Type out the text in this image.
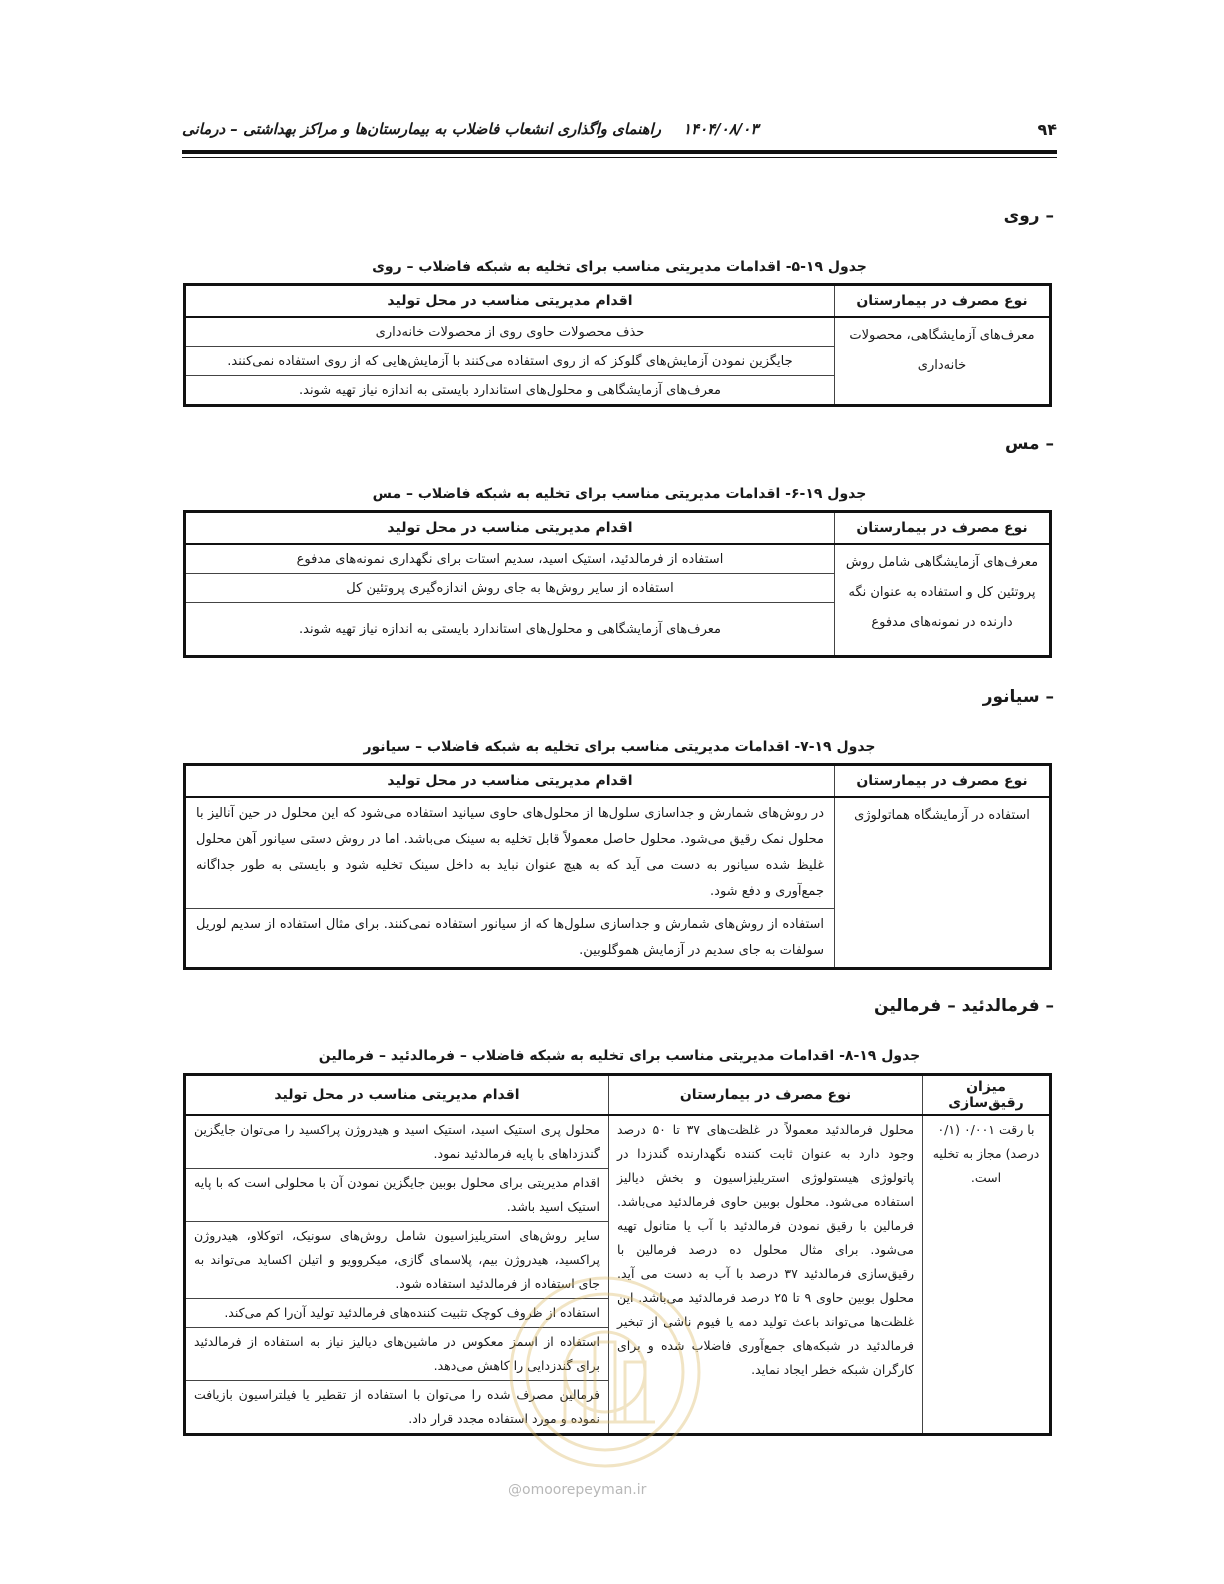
۹۴
۱۴۰۴/۰۸/۰۳راهنمای واگذاری انشعاب فاضلاب به بیمارستان‌ها و مراکز بهداشتی – درمانی
– روی
جدول ۱۹-۵- اقدامات مدیریتی مناسب برای تخلیه به شبکه فاضلاب – روی
نوع مصرف در بیمارستان	اقدام مدیریتی مناسب در محل تولید
معرف‌های آزمایشگاهی، محصولات خانه‌داری	حذف محصولات حاوی روی از محصولات خانه‌داری
	جایگزین نمودن آزمایش‌های گلوکز که از روی استفاده می‌کنند با آزمایش‌هایی که از روی استفاده نمی‌کنند.
	معرف‌های آزمایشگاهی و محلول‌های استاندارد بایستی به اندازه نیاز تهیه شوند.
– مس
جدول ۱۹-۶- اقدامات مدیریتی مناسب برای تخلیه به شبکه فاضلاب – مس
نوع مصرف در بیمارستان	اقدام مدیریتی مناسب در محل تولید
معرف‌های آزمایشگاهی شامل روش پروتئین کل و استفاده به عنوان نگه دارنده در نمونه‌های مدفوع	استفاده از فرمالدئید، استیک اسید، سدیم استات برای نگهداری نمونه‌های مدفوع
	استفاده از سایر روش‌ها به جای روش اندازه‌گیری پروتئین کل
	معرف‌های آزمایشگاهی و محلول‌های استاندارد بایستی به اندازه نیاز تهیه شوند.
– سیانور
جدول ۱۹-۷- اقدامات مدیریتی مناسب برای تخلیه به شبکه فاضلاب – سیانور
نوع مصرف در بیمارستان	اقدام مدیریتی مناسب در محل تولید
استفاده در آزمایشگاه هماتولوژی	در روش‌های شمارش و جداسازی سلول‌ها از محلول‌های حاوی سیانید استفاده می‌شود که این محلول در حین آنالیز با محلول نمک رقیق می‌شود. محلول حاصل معمولاً قابل تخلیه به سینک می‌باشد. اما در روش دستی سیانور آهن محلول غلیظ شده سیانور به دست می آید که به هیچ عنوان نباید به داخل سینک تخلیه شود و بایستی به طور جداگانه جمع‌آوری و دفع شود.
	استفاده از روش‌های شمارش و جداسازی سلول‌ها که از سیانور استفاده نمی‌کنند. برای مثال استفاده از سدیم لوریل سولفات به جای سدیم در آزمایش هموگلوبین.
– فرمالدئید – فرمالین
جدول ۱۹-۸- اقدامات مدیریتی مناسب برای تخلیه به شبکه فاضلاب – فرمالدئید – فرمالین
میزان رقیق‌سازی	نوع مصرف در بیمارستان	اقدام مدیریتی مناسب در محل تولید
با رقت ۰/۰۰۱ (۰/۱ درصد) مجاز به تخلیه است.	محلول فرمالدئید معمولاً در غلظت‌های ۳۷ تا ۵۰ درصد وجود دارد به عنوان ثابت کننده نگهدارنده گندزدا در پاتولوژی هیستولوژی استریلیزاسیون و بخش دیالیز استفاده می‌شود. محلول بوبین حاوی فرمالدئید می‌باشد. فرمالین با رقیق نمودن فرمالدئید با آب یا متانول تهیه می‌شود. برای مثال محلول ده درصد فرمالین با رقیق‌سازی فرمالدئید ۳۷ درصد با آب به دست می آید. محلول بوبین حاوی ۹ تا ۲۵ درصد فرمالدئید می‌باشد. این غلظت‌ها می‌تواند باعث تولید دمه یا فیوم ناشی از تبخیر فرمالدئید در شبکه‌های جمع‌آوری فاضلاب شده و برای کارگران شبکه خطر ایجاد نماید.	محلول پری استیک اسید، استیک اسید و هیدروژن پراکسید را می‌توان جایگزین گندزداهای با پایه فرمالدئید نمود.
		اقدام مدیریتی برای محلول بوبین جایگزین نمودن آن با محلولی است که با پایه استیک اسید باشد.
		سایر روش‌های استریلیزاسیون شامل روش‌های سونیک، اتوکلاو، هیدروژن پراکسید، هیدروژن بیم، پلاسمای گازی، میکروویو و اتیلن اکساید می‌تواند به جای استفاده از فرمالدئید استفاده شود.
		استفاده از ظروف کوچک تثبیت کننده‌های فرمالدئید تولید آن‌را کم می‌کند.
		استفاده از اسمز معکوس در ماشین‌های دیالیز نیاز به استفاده از فرمالدئید برای گندزدایی را کاهش می‌دهد.
		فرمالین مصرف شده را می‌توان با استفاده از تقطیر یا فیلتراسیون بازیافت نموده و مورد استفاده مجدد قرار داد.
@omoorepeyman.ir
